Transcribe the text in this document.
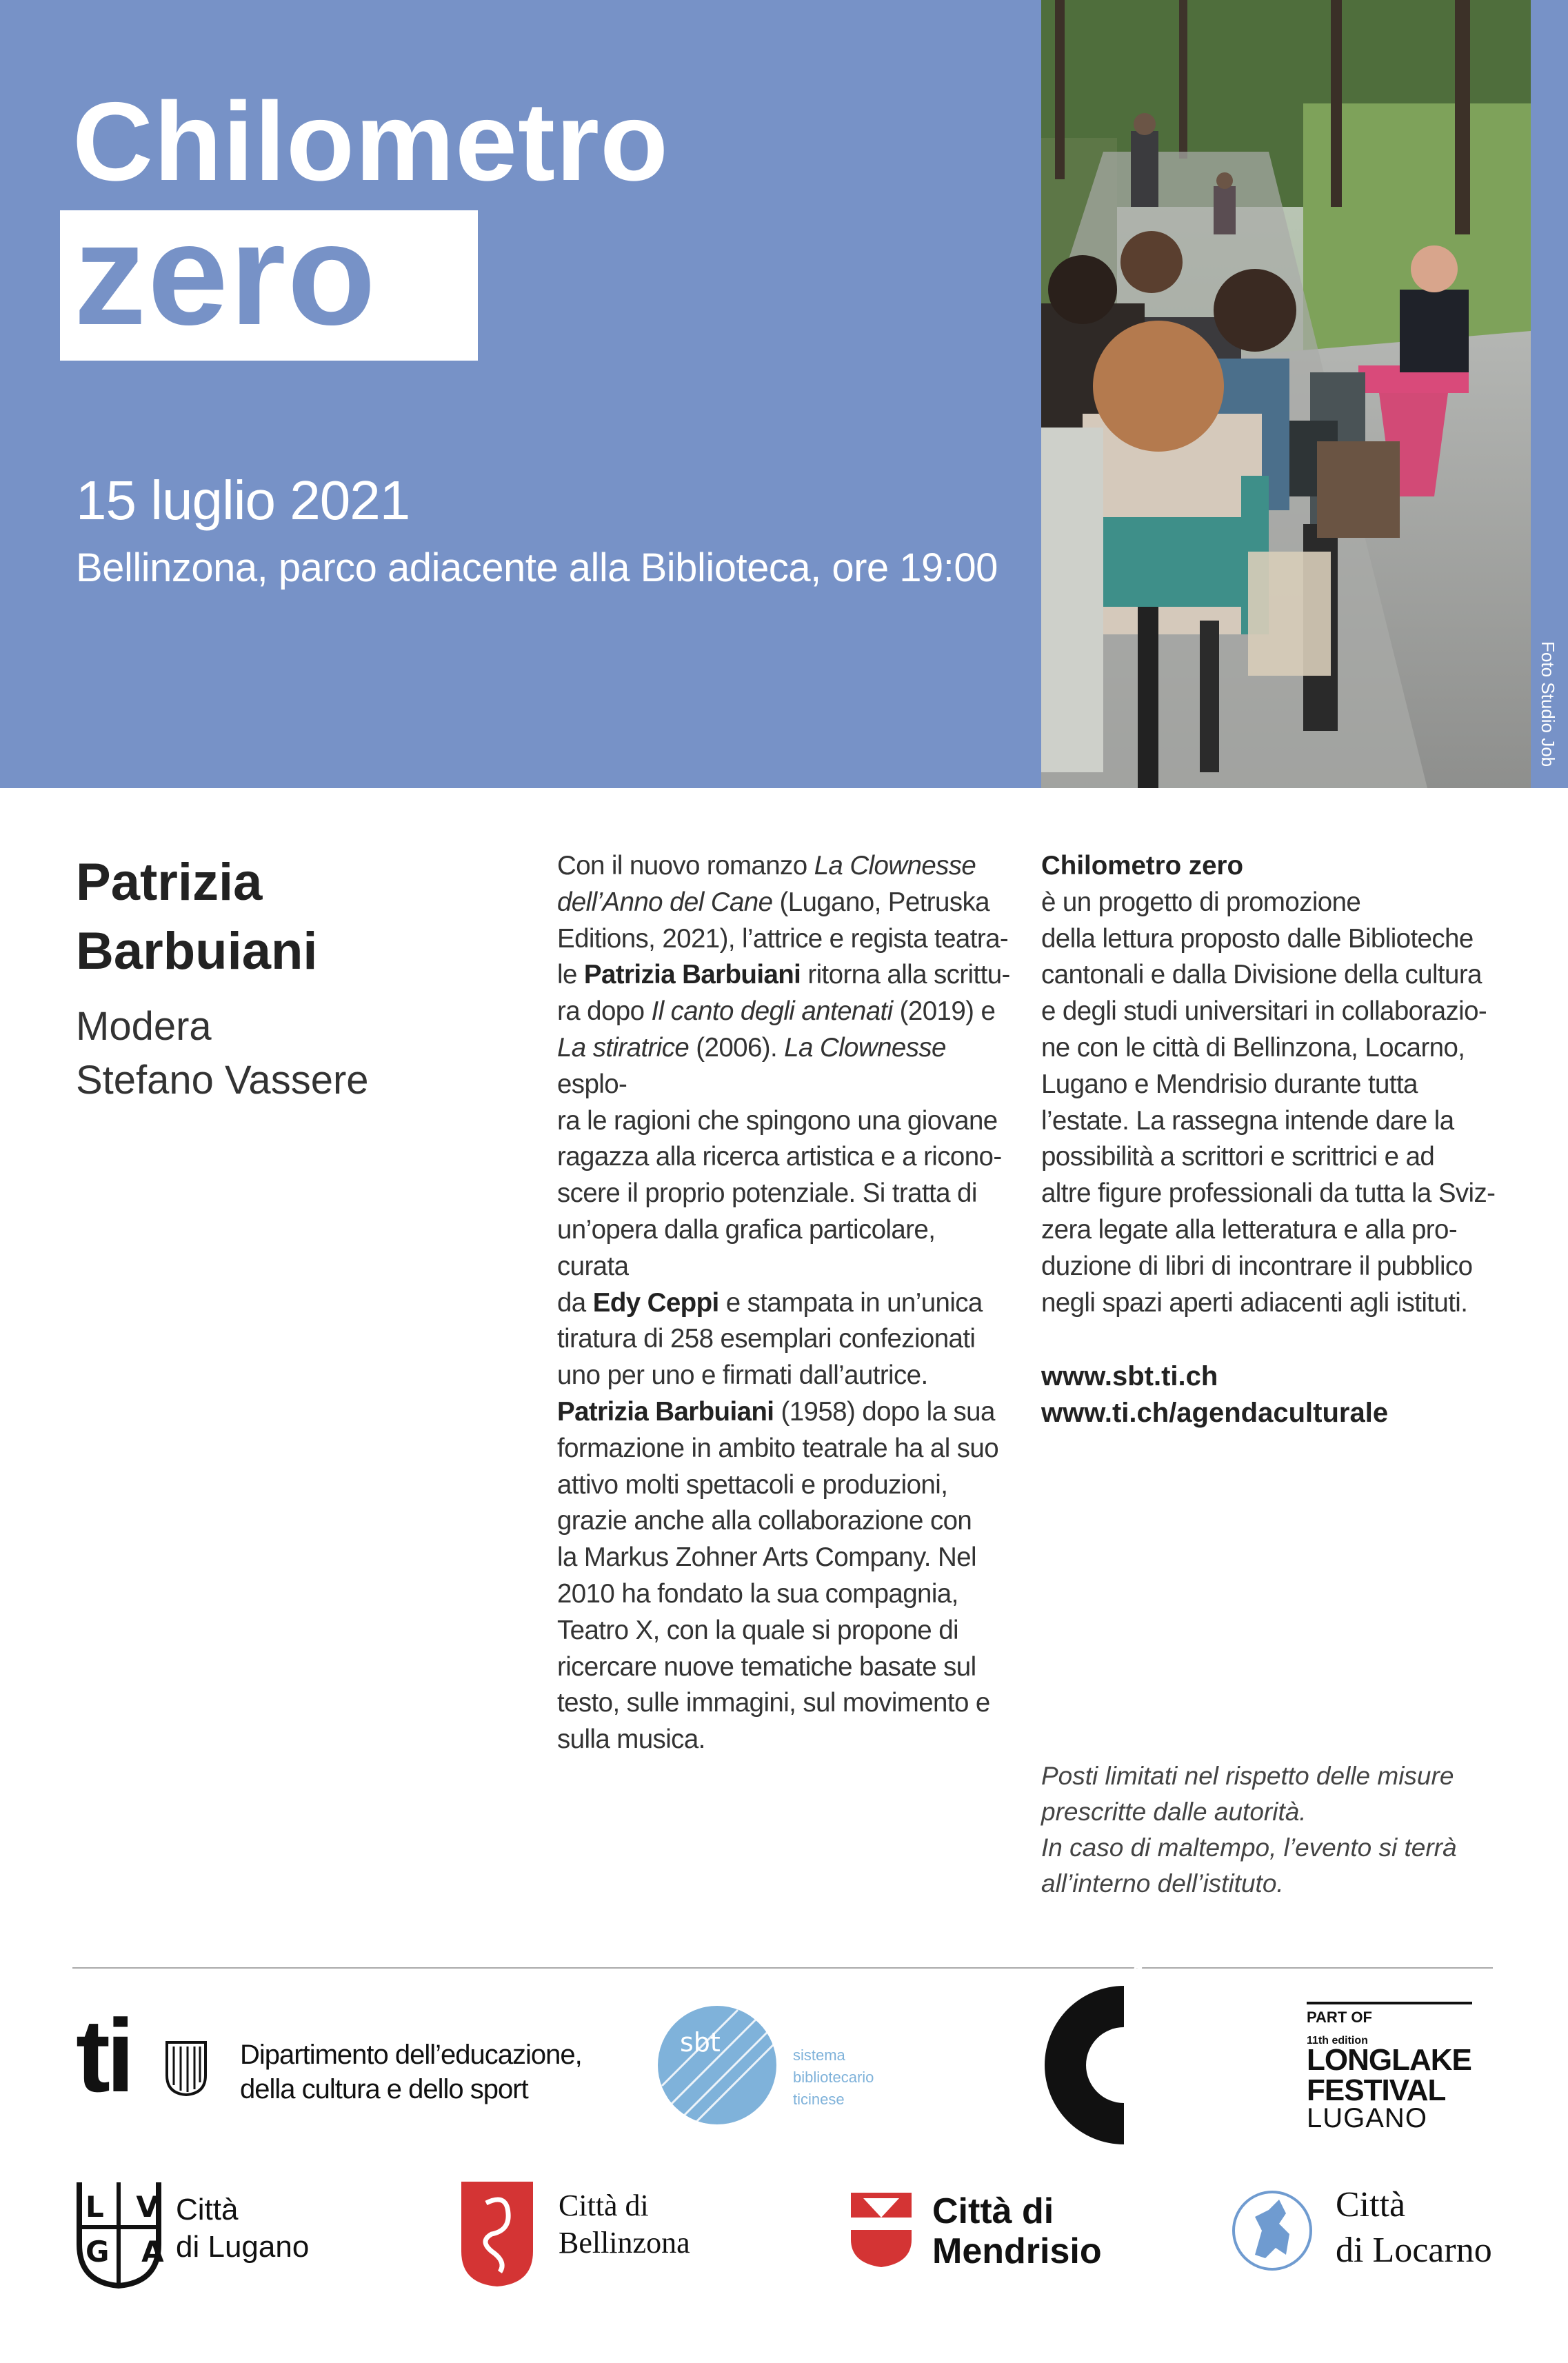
Chilometro
zero
15 luglio 2021
Bellinzona, parco adiacente alla Biblioteca, ore 19:00
Foto Studio Job
Patrizia
Barbuiani
Modera
Stefano Vassere
Con il nuovo romanzo La Clownesse
dell’Anno del Cane (Lugano, Petruska
Editions, 2021), l’attrice e regista teatra-
le Patrizia Barbuiani ritorna alla scrittu-
ra dopo Il canto degli antenati (2019) e
La stiratrice (2006). La Clownesse esplo-
ra le ragioni che spingono una giovane
ragazza alla ricerca artistica e a ricono-
scere il proprio potenziale. Si tratta di
un’opera dalla grafica particolare, curata
da Edy Ceppi e stampata in un’unica
tiratura di 258 esemplari confezionati
uno per uno e firmati dall’autrice.
Patrizia Barbuiani (1958) dopo la sua
formazione in ambito teatrale ha al suo
attivo molti spettacoli e produzioni,
grazie anche alla collaborazione con
la Markus Zohner Arts Company. Nel
2010 ha fondato la sua compagnia,
Teatro X, con la quale si propone di
ricercare nuove tematiche basate sul
testo, sulle immagini, sul movimento e
sulla musica.
Chilometro zero
è un progetto di promozione
della lettura proposto dalle Biblioteche
cantonali e dalla Divisione della cultura
e degli studi universitari in collaborazio-
ne con le città di Bellinzona, Locarno,
Lugano e Mendrisio durante tutta
l’estate. La rassegna intende dare la
possibilità a scrittori e scrittrici e ad
altre figure professionali da tutta la Sviz-
zera legate alla letteratura e alla pro-
duzione di libri di incontrare il pubblico
negli spazi aperti adiacenti agli istituti.
www.sbt.ti.ch
www.ti.ch/agendaculturale
Posti limitati nel rispetto delle misure
prescritte dalle autorità.
In caso di maltempo, l’evento si terrà
all’interno dell’istituto.
ti	Dipartimento dell’educazione,
della cultura e dello sport
sbt	sistema
bibliotecario
ticinese
cultura in movimento	PART OF
11th edition
LONGLAKE
FESTIVAL
LUGANO
L V
G A
Città
di Lugano
Città di
Bellinzona
Città di
Mendrisio
Città
di Locarno
